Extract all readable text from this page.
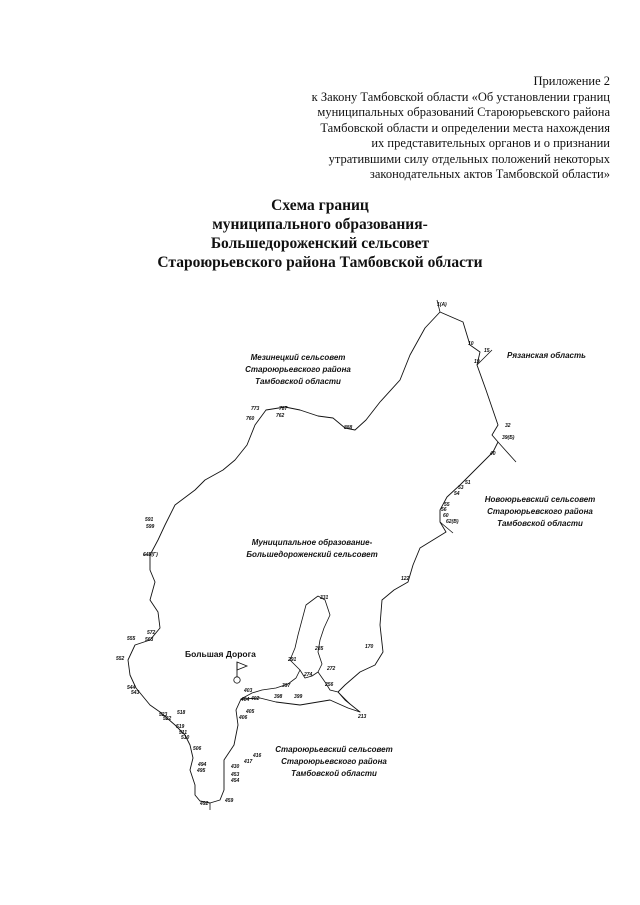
Приложение 2
к Закону Тамбовской области «Об установлении границ
муниципальных образований Староюрьевского района
Тамбовской области и определении места нахождения
их представительных органов и о признании
утратившими силу отдельных положений некоторых
законодательных актов Тамбовской области»
Схема границ
муниципального образования-
Большедороженский сельсовет
Староюрьевского района Тамбовской области
Большая Дорога
Мезинецкий сельсовет
Староюрьевского района
Тамбовской области
Рязанская область
Новоюрьевский сельсовет
Староюрьевского района
Тамбовской области
Муниципальное образование-
Большедороженский сельсовет
Староюрьевский сельсовет
Староюрьевского района
Тамбовской области
1(А)
10
15
19
32
39(Б)
40
51
53
54
55
56
60
62(В)
122
170
213
256
272
274
285
291
331
397
398 399
402
403
404
405
406
416
417
430
453
454
459
492
494
495
506
510
511
518
519
522
523
543
544
552
555 563
572
591
599
645(Г)
760	762
773	787
888
